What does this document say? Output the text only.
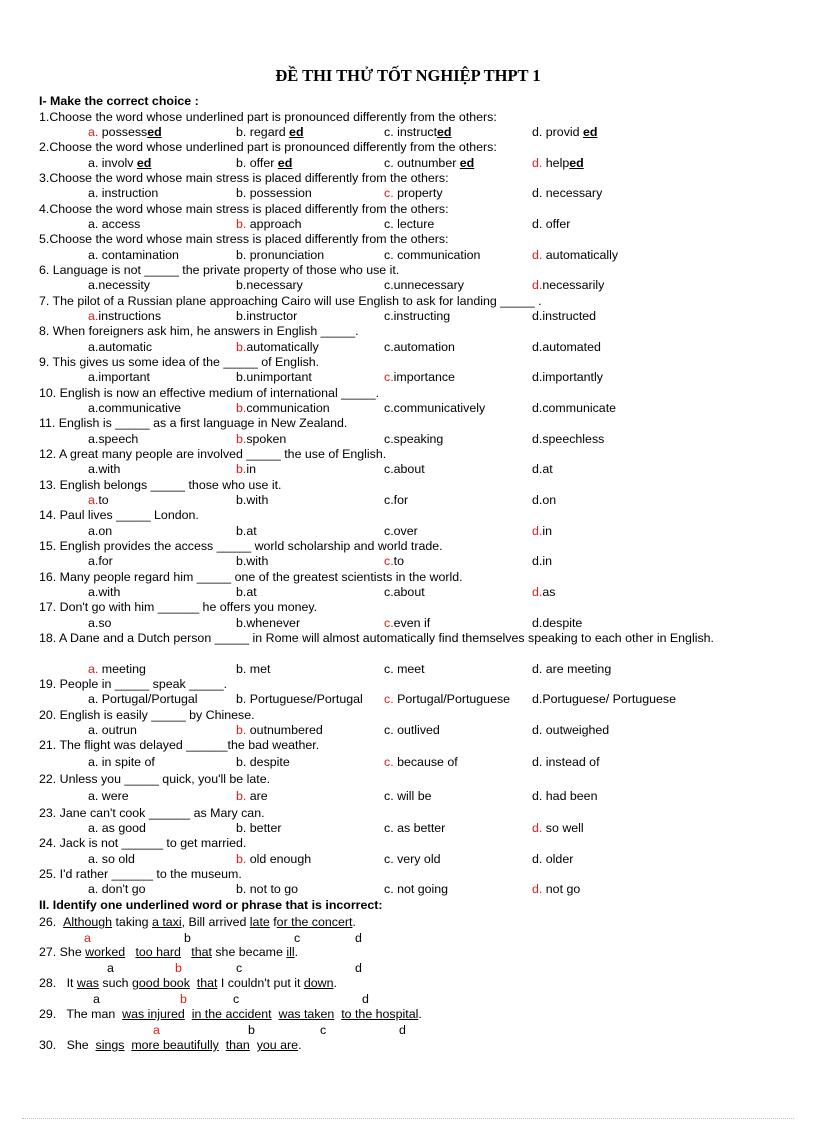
ĐỀ THI THỬ TỐT NGHIỆP THPT 1
I- Make the correct choice :
1.Choose the word whose underlined part is pronounced differently from the others:
a. possessed	b. regard ed	c. instructed	d. provid ed
2.Choose the word whose underlined part is pronounced differently from the others:
a. involv ed	b. offer ed	c. outnumber ed	d. helped
3.Choose the word whose main stress is placed differently from the others:
a. instruction	b. possession	c. property	d. necessary
4.Choose the word whose main stress is placed differently from the others:
a. access	b. approach	c. lecture	d. offer
5.Choose the word whose main stress is placed differently from the others:
a. contamination	b. pronunciation	c. communication	d. automatically
6. Language is not _____ the private property of those who use it.
a.necessity	b.necessary	c.unnecessary	d.necessarily
7. The pilot of a Russian plane approaching Cairo will use English to ask for landing _____ .
a.instructions	b.instructor	c.instructing	d.instructed
8. When foreigners ask him, he answers in English _____.
a.automatic	b.automatically	c.automation	d.automated
9. This gives us some idea of the _____ of English.
a.important	b.unimportant	c.importance	d.importantly
10. English is now an effective medium of international _____.
a.communicative	b.communication	c.communicatively	d.communicate
11. English is _____ as a first language in New Zealand.
a.speech	b.spoken	c.speaking	d.speechless
12. A great many people are involved _____ the use of English.
a.with	b.in	c.about	d.at
13. English belongs _____ those who use it.
a.to	b.with	c.for	d.on
14. Paul lives _____ London.
a.on	b.at	c.over	d.in
15. English provides the access _____ world scholarship and world trade.
a.for	b.with	c.to	d.in
16. Many people regard him _____ one of the greatest scientists in the world.
a.with	b.at	c.about	d.as
17. Don't go with him ______ he offers you money.
a.so	b.whenever	c.even if	d.despite
18. A Dane and a Dutch person _____ in Rome will almost automatically find themselves speaking to each other in English.
a. meeting	b. met	c. meet	d. are meeting
19. People in _____ speak _____.
a. Portugal/Portugal	b. Portuguese/Portugal c. Portugal/Portuguese d.Portuguese/ Portuguese
20. English is easily _____ by Chinese.
a. outrun	b. outnumbered	c. outlived	d. outweighed
21. The flight was delayed ______the bad weather.
a. in spite of	b. despite	c. because of	d. instead of
22. Unless you _____ quick, you'll be late.
a. were	b. are	c. will be	d. had been
23. Jane can't cook ______ as Mary can.
a. as good	b. better	c. as better	d. so well
24. Jack is not ______ to get married.
a. so old	b. old enough	c. very old	d. older
25. I'd rather ______ to the museum.
a. don't go	b. not to go	c. not going	d. not go
II. Identify one underlined word or phrase that is incorrect:
26. Although taking a taxi, Bill arrived late for the concert.
a	b	c	d
27. She worked too hard that she became ill.
a	b	c	d
28.   It was such good book that I couldn't put it down.
a	b	c	d
29.   The man  was injured in the accident was taken to the hospital.
a	b	c	d
30.   She  sings more beautifully than you are.
